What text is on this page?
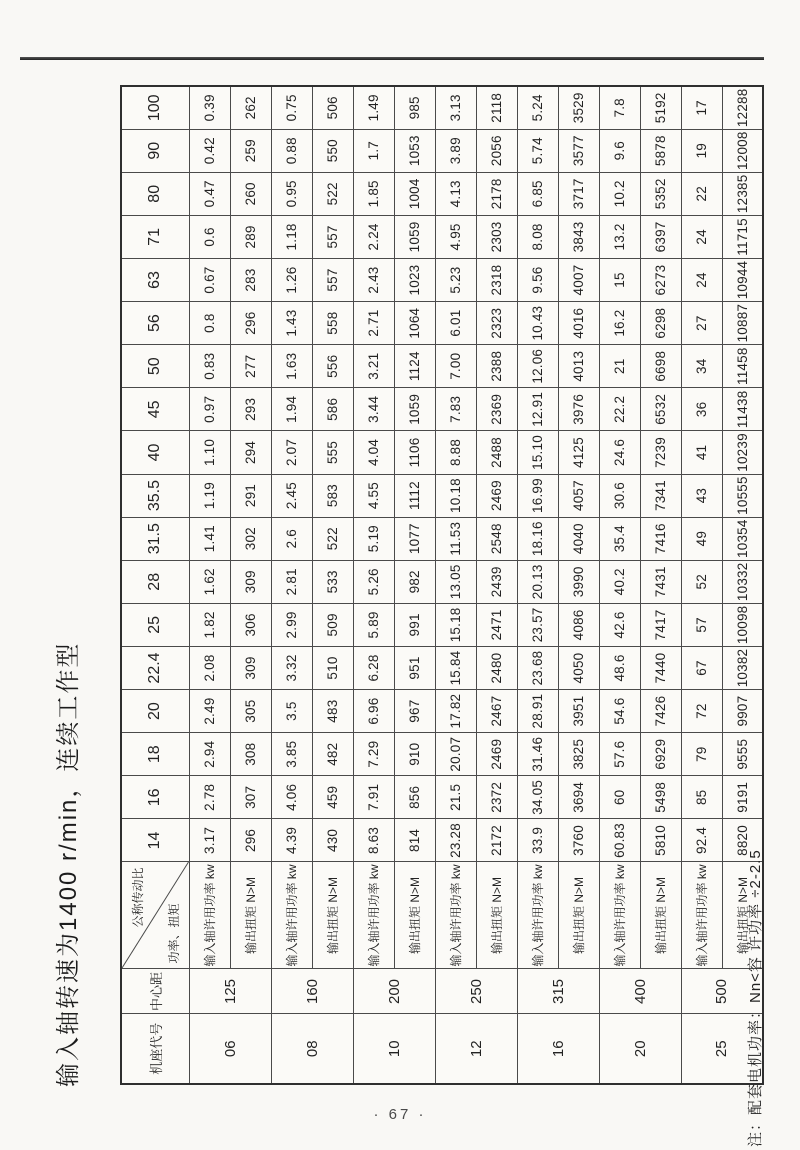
输入轴转速为1400 r/min，连续工作型	机座代号	中心距	公称传动比
功率、扭矩	14	16	18	20	22.4	25	28	31.5	35.5	40	45	50	56	63	71	80	90	100
06	125	输入轴许用功率 kw	3.17	2.78	2.94	2.49	2.08	1.82	1.62	1.41	1.19	1.10	0.97	0.83	0.8	0.67	0.6	0.47	0.42	0.39
		输出扭矩 N>M	296	307	308	305	309	306	309	302	291	294	293	277	296	283	289	260	259	262
08	160	输入轴许用功率 kw	4.39	4.06	3.85	3.5	3.32	2.99	2.81	2.6	2.45	2.07	1.94	1.63	1.43	1.26	1.18	0.95	0.88	0.75
		输出扭矩 N>M	430	459	482	483	510	509	533	522	583	555	586	556	558	557	557	522	550	506
10	200	输入轴许用功率 kw	8.63	7.91	7.29	6.96	6.28	5.89	5.26	5.19	4.55	4.04	3.44	3.21	2.71	2.43	2.24	1.85	1.7	1.49
		输出扭矩 N>M	814	856	910	967	951	991	982	1077	1112	1106	1059	1124	1064	1023	1059	1004	1053	985
12	250	输入轴许用功率 kw	23.28	21.5	20.07	17.82	15.84	15.18	13.05	11.53	10.18	8.88	7.83	7.00	6.01	5.23	4.95	4.13	3.89	3.13
		输出扭矩 N>M	2172	2372	2469	2467	2480	2471	2439	2548	2469	2488	2369	2388	2323	2318	2303	2178	2056	2118
16	315	输入轴许用功率 kw	33.9	34.05	31.46	28.91	23.68	23.57	20.13	18.16	16.99	15.10	12.91	12.06	10.43	9.56	8.08	6.85	5.74	5.24
		输出扭矩 N>M	3760	3694	3825	3951	4050	4086	3990	4040	4057	4125	3976	4013	4016	4007	3843	3717	3577	3529
20	400	输入轴许用功率 kw	60.83	60	57.6	54.6	48.6	42.6	40.2	35.4	30.6	24.6	22.2	21	16.2	15	13.2	10.2	9.6	7.8
		输出扭矩 N>M	5810	5498	6929	7426	7440	7417	7431	7416	7341	7239	6532	6698	6298	6273	6397	5352	5878	5192
25	500	输入轴许用功率 kw	92.4	85	79	72	67	57	52	49	43	41	36	34	27	24	24	22	19	17
		输出扭矩 N>M	8820	9191	9555	9907	10382	10098	10332	10354	10555	10239	11438	11458	10887	10944	11715	12385	12008	12288
注：配套电机功率：Nn<容 许功率 ÷2-2.5
· 67 ·
